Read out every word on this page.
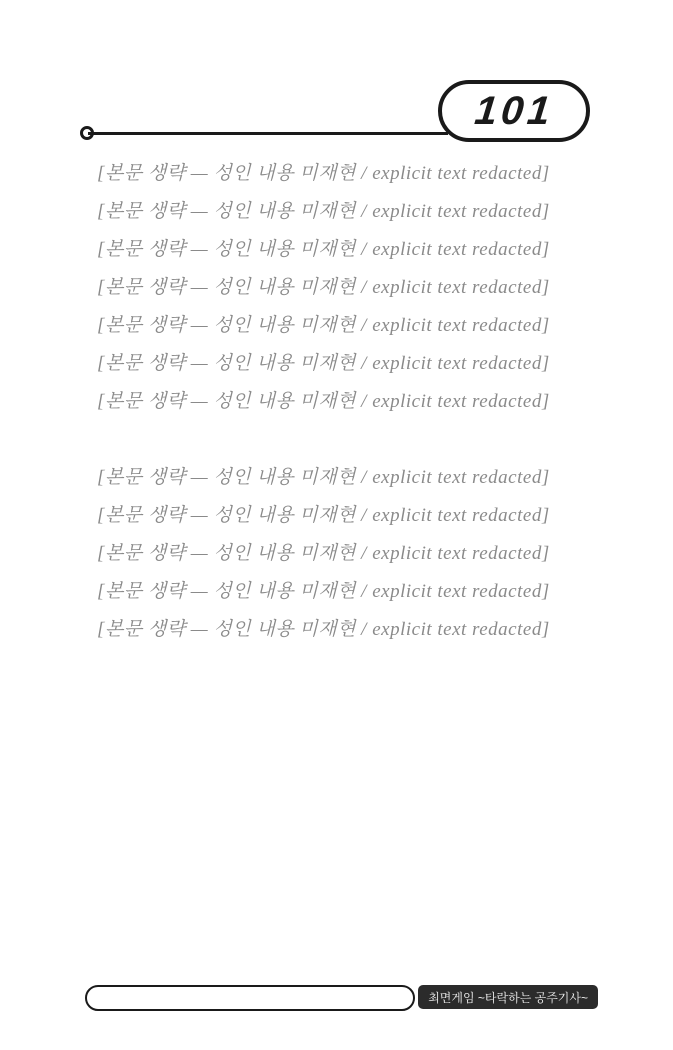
101

[본문 생략 — 성인 내용 미재현 / explicit text redacted]

[본문 생략 — 성인 내용 미재현 / explicit text redacted]

[본문 생략 — 성인 내용 미재현 / explicit text redacted]

[본문 생략 — 성인 내용 미재현 / explicit text redacted]

[본문 생략 — 성인 내용 미재현 / explicit text redacted]

[본문 생략 — 성인 내용 미재현 / explicit text redacted]

[본문 생략 — 성인 내용 미재현 / explicit text redacted]

[본문 생략 — 성인 내용 미재현 / explicit text redacted]

[본문 생략 — 성인 내용 미재현 / explicit text redacted]

[본문 생략 — 성인 내용 미재현 / explicit text redacted]

[본문 생략 — 성인 내용 미재현 / explicit text redacted]

[본문 생략 — 성인 내용 미재현 / explicit text redacted]

최면게임 ~타락하는 공주기사~
